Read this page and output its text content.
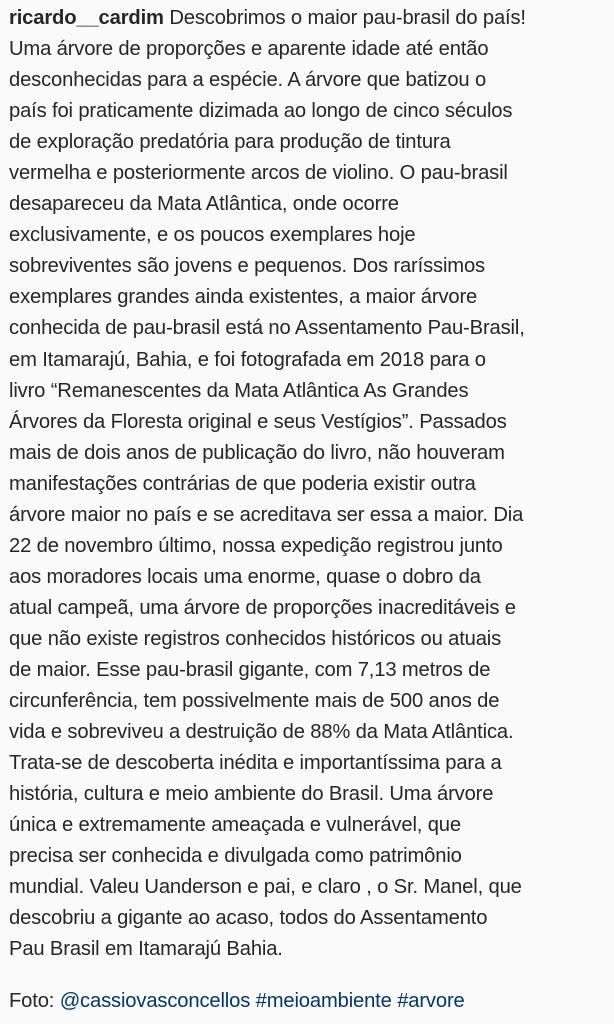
ricardo__cardim Descobrimos o maior pau-brasil do país!
Uma árvore de proporções e aparente idade até então
desconhecidas para a espécie. A árvore que batizou o
país foi praticamente dizimada ao longo de cinco séculos
de exploração predatória para produção de tintura
vermelha e posteriormente arcos de violino. O pau-brasil
desapareceu da Mata Atlântica, onde ocorre
exclusivamente, e os poucos exemplares hoje
sobreviventes são jovens e pequenos. Dos raríssimos
exemplares grandes ainda existentes, a maior árvore
conhecida de pau-brasil está no Assentamento Pau-Brasil,
em Itamarajú, Bahia, e foi fotografada em 2018 para o
livro “Remanescentes da Mata Atlântica As Grandes
Árvores da Floresta original e seus Vestígios”. Passados
mais de dois anos de publicação do livro, não houveram
manifestações contrárias de que poderia existir outra
árvore maior no país e se acreditava ser essa a maior. Dia
22 de novembro último, nossa expedição registrou junto
aos moradores locais uma enorme, quase o dobro da
atual campeã, uma árvore de proporções inacreditáveis e
que não existe registros conhecidos históricos ou atuais
de maior. Esse pau-brasil gigante, com 7,13 metros de
circunferência, tem possivelmente mais de 500 anos de
vida e sobreviveu a destruição de 88% da Mata Atlântica.
Trata-se de descoberta inédita e importantíssima para a
história, cultura e meio ambiente do Brasil. Uma árvore
única e extremamente ameaçada e vulnerável, que
precisa ser conhecida e divulgada como patrimônio
mundial. Valeu Uanderson e pai, e claro , o Sr. Manel, que
descobriu a gigante ao acaso, todos do Assentamento
Pau Brasil em Itamarajú Bahia.
Foto: @cassiovasconcellos #meioambiente #arvore
